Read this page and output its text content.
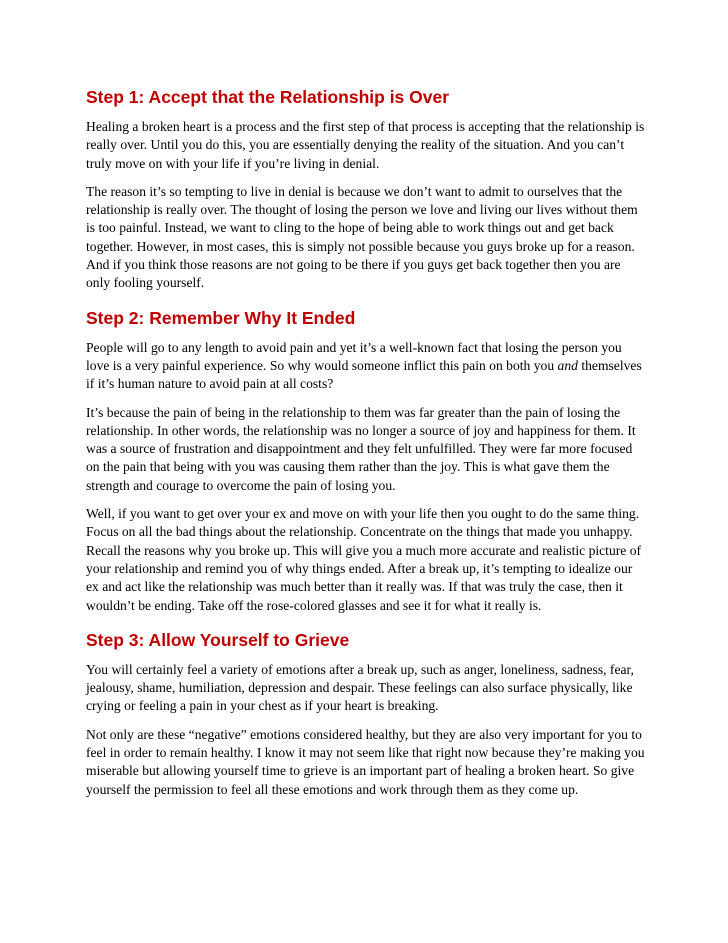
Step 1: Accept that the Relationship is Over

Healing a broken heart is a process and the first step of that process is accepting that the relationship is really over. Until you do this, you are essentially denying the reality of the situation. And you can’t truly move on with your life if you’re living in denial.

The reason it’s so tempting to live in denial is because we don’t want to admit to ourselves that the relationship is really over. The thought of losing the person we love and living our lives without them is too painful. Instead, we want to cling to the hope of being able to work things out and get back together. However, in most cases, this is simply not possible because you guys broke up for a reason. And if you think those reasons are not going to be there if you guys get back together then you are only fooling yourself.

Step 2: Remember Why It Ended

People will go to any length to avoid pain and yet it’s a well-known fact that losing the person you love is a very painful experience. So why would someone inflict this pain on both you and themselves if it’s human nature to avoid pain at all costs?

It’s because the pain of being in the relationship to them was far greater than the pain of losing the relationship. In other words, the relationship was no longer a source of joy and happiness for them. It was a source of frustration and disappointment and they felt unfulfilled. They were far more focused on the pain that being with you was causing them rather than the joy. This is what gave them the strength and courage to overcome the pain of losing you.

Well, if you want to get over your ex and move on with your life then you ought to do the same thing. Focus on all the bad things about the relationship. Concentrate on the things that made you unhappy. Recall the reasons why you broke up. This will give you a much more accurate and realistic picture of your relationship and remind you of why things ended. After a break up, it’s tempting to idealize our ex and act like the relationship was much better than it really was. If that was truly the case, then it wouldn’t be ending. Take off the rose-colored glasses and see it for what it really is.

Step 3: Allow Yourself to Grieve

You will certainly feel a variety of emotions after a break up, such as anger, loneliness, sadness, fear, jealousy, shame, humiliation, depression and despair. These feelings can also surface physically, like crying or feeling a pain in your chest as if your heart is breaking.

Not only are these “negative” emotions considered healthy, but they are also very important for you to feel in order to remain healthy. I know it may not seem like that right now because they’re making you miserable but allowing yourself time to grieve is an important part of healing a broken heart. So give yourself the permission to feel all these emotions and work through them as they come up.
